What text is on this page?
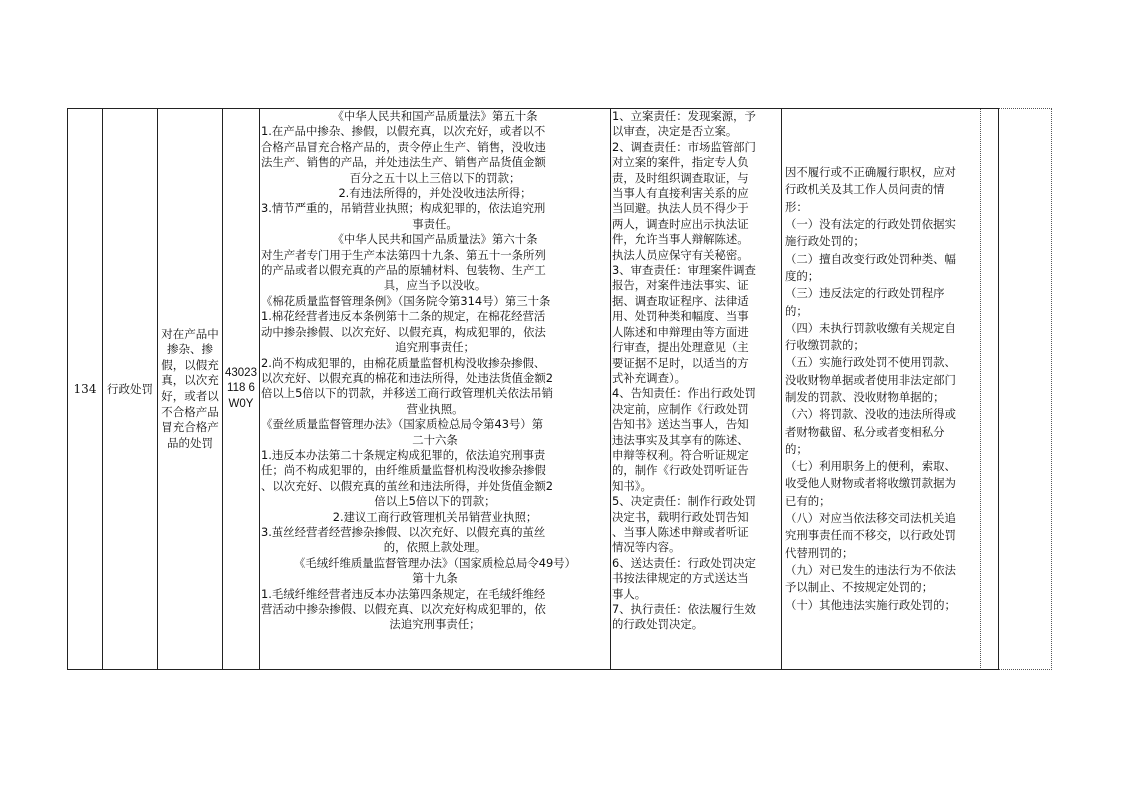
134	行政处罚	对在产品中掺杂、掺假，以假充真，以次充好，或者以不合格产品冒充合格产品的处罚	43023118 6W0Y	
《中华人民共和国产品质量法》第五十条
1.在产品中掺杂、掺假，以假充真，以次充好，或者以不
合格产品冒充合格产品的，责令停止生产、销售，没收违
法生产、销售的产品，并处违法生产、销售产品货值金额
百分之五十以上三倍以下的罚款；
2.有违法所得的，并处没收违法所得；
3.情节严重的，吊销营业执照；构成犯罪的，依法追究刑
事责任。
《中华人民共和国产品质量法》第六十条
对生产者专门用于生产本法第四十九条、第五十一条所列
的产品或者以假充真的产品的原辅材料、包装物、生产工
具，应当予以没收。
《棉花质量监督管理条例》（国务院令第314号）第三十条
1.棉花经营者违反本条例第十二条的规定，在棉花经营活
动中掺杂掺假、以次充好、以假充真，构成犯罪的，依法
追究刑事责任；
2.尚不构成犯罪的，由棉花质量监督机构没收掺杂掺假、
以次充好、以假充真的棉花和违法所得，处违法货值金额2
倍以上5倍以下的罚款，并移送工商行政管理机关依法吊销
营业执照。
《蚕丝质量监督管理办法》（国家质检总局令第43号）第
二十六条
1.违反本办法第二十条规定构成犯罪的，依法追究刑事责
任；尚不构成犯罪的，由纤维质量监督机构没收掺杂掺假
、以次充好、以假充真的茧丝和违法所得，并处货值金额2
倍以上5倍以下的罚款；
2.建议工商行政管理机关吊销营业执照；
3.茧丝经营者经营掺杂掺假、以次充好、以假充真的茧丝
的，依照上款处理。
《毛绒纤维质量监督管理办法》（国家质检总局令49号）
第十九条
1.毛绒纤维经营者违反本办法第四条规定，在毛绒纤维经
营活动中掺杂掺假、以假充真、以次充好构成犯罪的，依
法追究刑事责任；

1、立案责任：发现案源，予
以审查，决定是否立案。
2、调查责任：市场监管部门
对立案的案件，指定专人负
责，及时组织调查取证，与
当事人有直接利害关系的应
当回避。执法人员不得少于
两人，调查时应出示执法证
件，允许当事人辩解陈述。
执法人员应保守有关秘密。
3、审查责任：审理案件调查
报告，对案件违法事实、证
据、调查取证程序、法律适
用、处罚种类和幅度、当事
人陈述和申辩理由等方面进
行审查，提出处理意见（主
要证据不足时，以适当的方
式补充调查）。
4、告知责任：作出行政处罚
决定前，应制作《行政处罚
告知书》送达当事人，告知
违法事实及其享有的陈述、
申辩等权利。符合听证规定
的，制作《行政处罚听证告
知书》。
5、决定责任：制作行政处罚
决定书，载明行政处罚告知
、当事人陈述申辩或者听证
情况等内容。
6、送达责任：行政处罚决定
书按法律规定的方式送达当
事人。
7、执行责任：依法履行生效
的行政处罚决定。

因不履行或不正确履行职权，应对
行政机关及其工作人员问责的情
形：
（一）没有法定的行政处罚依据实
施行政处罚的；
（二）擅自改变行政处罚种类、幅
度的；
（三）违反法定的行政处罚程序
的；
（四）未执行罚款收缴有关规定自
行收缴罚款的；
（五）实施行政处罚不使用罚款、
没收财物单据或者使用非法定部门
制发的罚款、没收财物单据的；
（六）将罚款、没收的违法所得或
者财物截留、私分或者变相私分
的；
（七）利用职务上的便利，索取、
收受他人财物或者将收缴罚款据为
已有的；
（八）对应当依法移交司法机关追
究刑事责任而不移交，以行政处罚
代替刑罚的；
（九）对已发生的违法行为不依法
予以制止、不按规定处罚的；
（十）其他违法实施行政处罚的；
